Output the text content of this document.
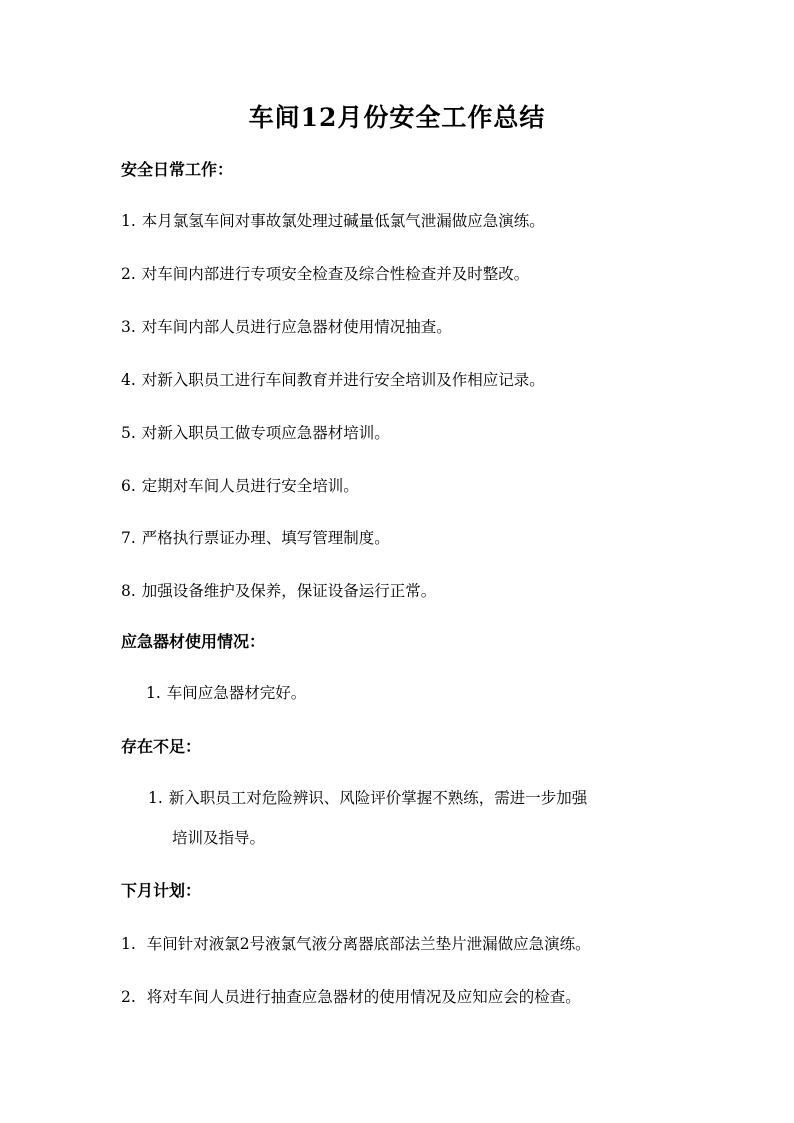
车间12月份安全工作总结
安全日常工作：
1. 本月氯氢车间对事故氯处理过碱量低氯气泄漏做应急演练。
2. 对车间内部进行专项安全检查及综合性检查并及时整改。
3. 对车间内部人员进行应急器材使用情况抽查。
4. 对新入职员工进行车间教育并进行安全培训及作相应记录。
5. 对新入职员工做专项应急器材培训。
6. 定期对车间人员进行安全培训。
7. 严格执行票证办理、填写管理制度。
8. 加强设备维护及保养，保证设备运行正常。
应急器材使用情况：
1. 车间应急器材完好。
存在不足：
1. 新入职员工对危险辨识、风险评价掌握不熟练，需进一步加强
培训及指导。
下月计划：
1. 车间针对液氯2号液氯气液分离器底部法兰垫片泄漏做应急演练。
2. 将对车间人员进行抽查应急器材的使用情况及应知应会的检查。
